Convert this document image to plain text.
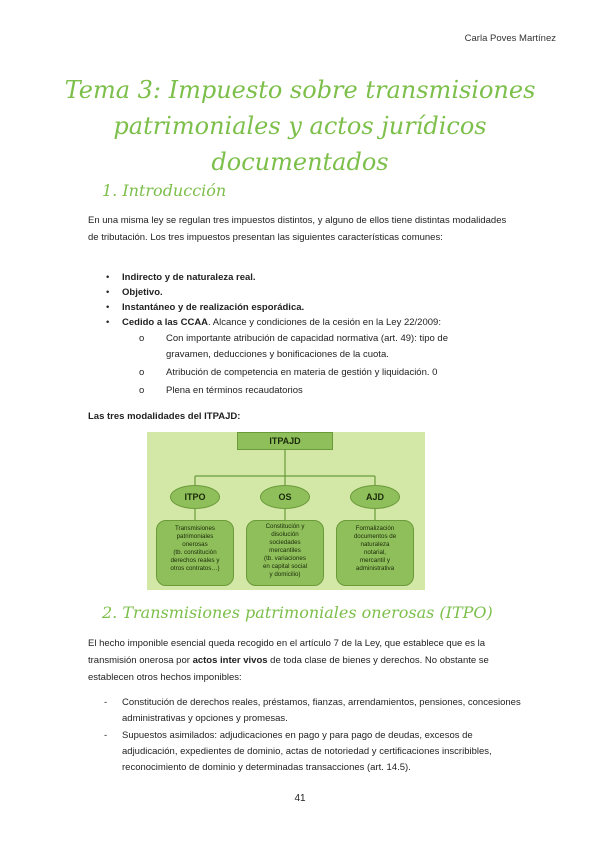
Carla Poves Martínez
Tema 3: Impuesto sobre transmisiones
patrimoniales y actos jurídicos
documentados
1. Introducción
En una misma ley se regulan tres impuestos distintos, y alguno de ellos tiene distintas modalidades de tributación. Los tres impuestos presentan las siguientes características comunes:
• Indirecto y de naturaleza real.
• Objetivo.
• Instantáneo y de realización esporádica.
• Cedido a las CCAA. Alcance y condiciones de la cesión en la Ley 22/2009:
o Con importante atribución de capacidad normativa (art. 49): tipo de gravamen, deducciones y bonificaciones de la cuota.
o Atribución de competencia en materia de gestión y liquidación. 0
o Plena en términos recaudatorios
Las tres modalidades del ITPAJD:
ITPAJD
ITPO	OS	AJD
Transmisiones
patrimoniales
onerosas
(tb. constitución
derechos reales y
otros contratos…)
Constitución y
disolución
sociedades
mercantiles
(tb. variaciones
en capital social
y domicilio)
Formalización
documentos de
naturaleza
notarial,
mercantil y
administrativa
2. Transmisiones patrimoniales onerosas (ITPO)
El hecho imponible esencial queda recogido en el artículo 7 de la Ley, que establece que es la transmisión onerosa por actos inter vivos de toda clase de bienes y derechos. No obstante se establecen otros hechos imponibles:
- Constitución de derechos reales, préstamos, fianzas, arrendamientos, pensiones, concesiones administrativas y opciones y promesas.
- Supuestos asimilados: adjudicaciones en pago y para pago de deudas, excesos de adjudicación, expedientes de dominio, actas de notoriedad y certificaciones inscribibles, reconocimiento de dominio y determinadas transacciones (art. 14.5).
41
